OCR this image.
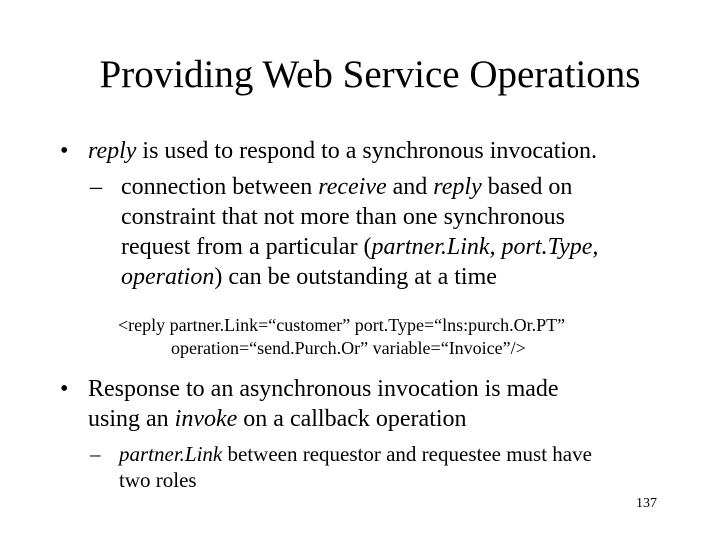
Providing Web Service Operations
• reply is used to respond to a synchronous invocation.
– connection between receive and reply based on
constraint that not more than one synchronous
request from a particular (partner.Link, port.Type,
operation) can be outstanding at a time
<reply partner.Link=“customer” port.Type=“lns:purch.Or.PT”
operation=“send.Purch.Or” variable=“Invoice”/>
• Response to an asynchronous invocation is made
using an invoke on a callback operation
– partner.Link between requestor and requestee must have
two roles
137
